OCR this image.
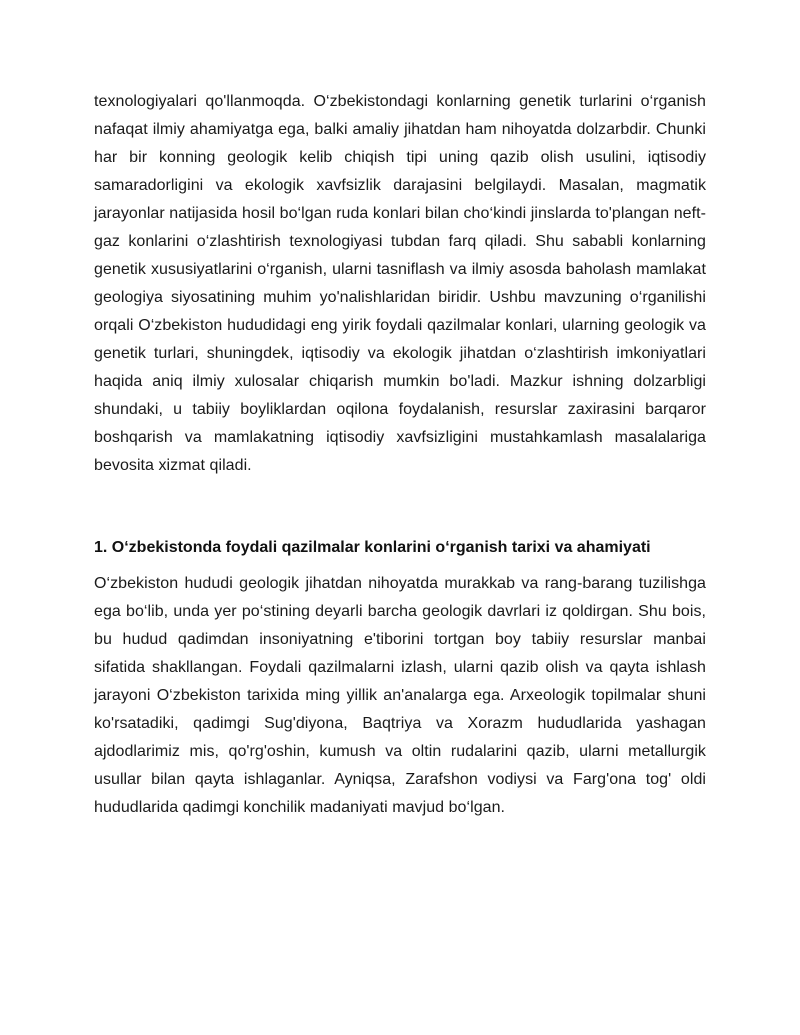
texnologiyalari qo'llanmoqda. O‘zbekistondagi konlarning genetik turlarini o‘rganish nafaqat ilmiy ahamiyatga ega, balki amaliy jihatdan ham nihoyatda dolzarbdir. Chunki har bir konning geologik kelib chiqish tipi uning qazib olish usulini, iqtisodiy samaradorligini va ekologik xavfsizlik darajasini belgilaydi. Masalan, magmatik jarayonlar natijasida hosil bo‘lgan ruda konlari bilan cho‘kindi jinslarda to'plangan neft-gaz konlarini o‘zlashtirish texnologiyasi tubdan farq qiladi. Shu sababli konlarning genetik xususiyatlarini o‘rganish, ularni tasniflash va ilmiy asosda baholash mamlakat geologiya siyosatining muhim yo'nalishlaridan biridir. Ushbu mavzuning o‘rganilishi orqali O‘zbekiston hududidagi eng yirik foydali qazilmalar konlari, ularning geologik va genetik turlari, shuningdek, iqtisodiy va ekologik jihatdan o‘zlashtirish imkoniyatlari haqida aniq ilmiy xulosalar chiqarish mumkin bo'ladi. Mazkur ishning dolzarbligi shundaki, u tabiiy boyliklardan oqilona foydalanish, resurslar zaxirasini barqaror boshqarish va mamlakatning iqtisodiy xavfsizligini mustahkamlash masalalariga bevosita xizmat qiladi.

1. O‘zbekistonda foydali qazilmalar konlarini o‘rganish tarixi va ahamiyati

O‘zbekiston hududi geologik jihatdan nihoyatda murakkab va rang-barang tuzilishga ega bo‘lib, unda yer po‘stining deyarli barcha geologik davrlari iz qoldirgan. Shu bois, bu hudud qadimdan insoniyatning e'tiborini tortgan boy tabiiy resurslar manbai sifatida shakllangan. Foydali qazilmalarni izlash, ularni qazib olish va qayta ishlash jarayoni O‘zbekiston tarixida ming yillik an'analarga ega. Arxeologik topilmalar shuni ko'rsatadiki, qadimgi Sug'diyona, Baqtriya va Xorazm hududlarida yashagan ajdodlarimiz mis, qo'rg'oshin, kumush va oltin rudalarini qazib, ularni metallurgik usullar bilan qayta ishlaganlar. Ayniqsa, Zarafshon vodiysi va Farg'ona tog' oldi hududlarida qadimgi konchilik madaniyati mavjud bo‘lgan.
